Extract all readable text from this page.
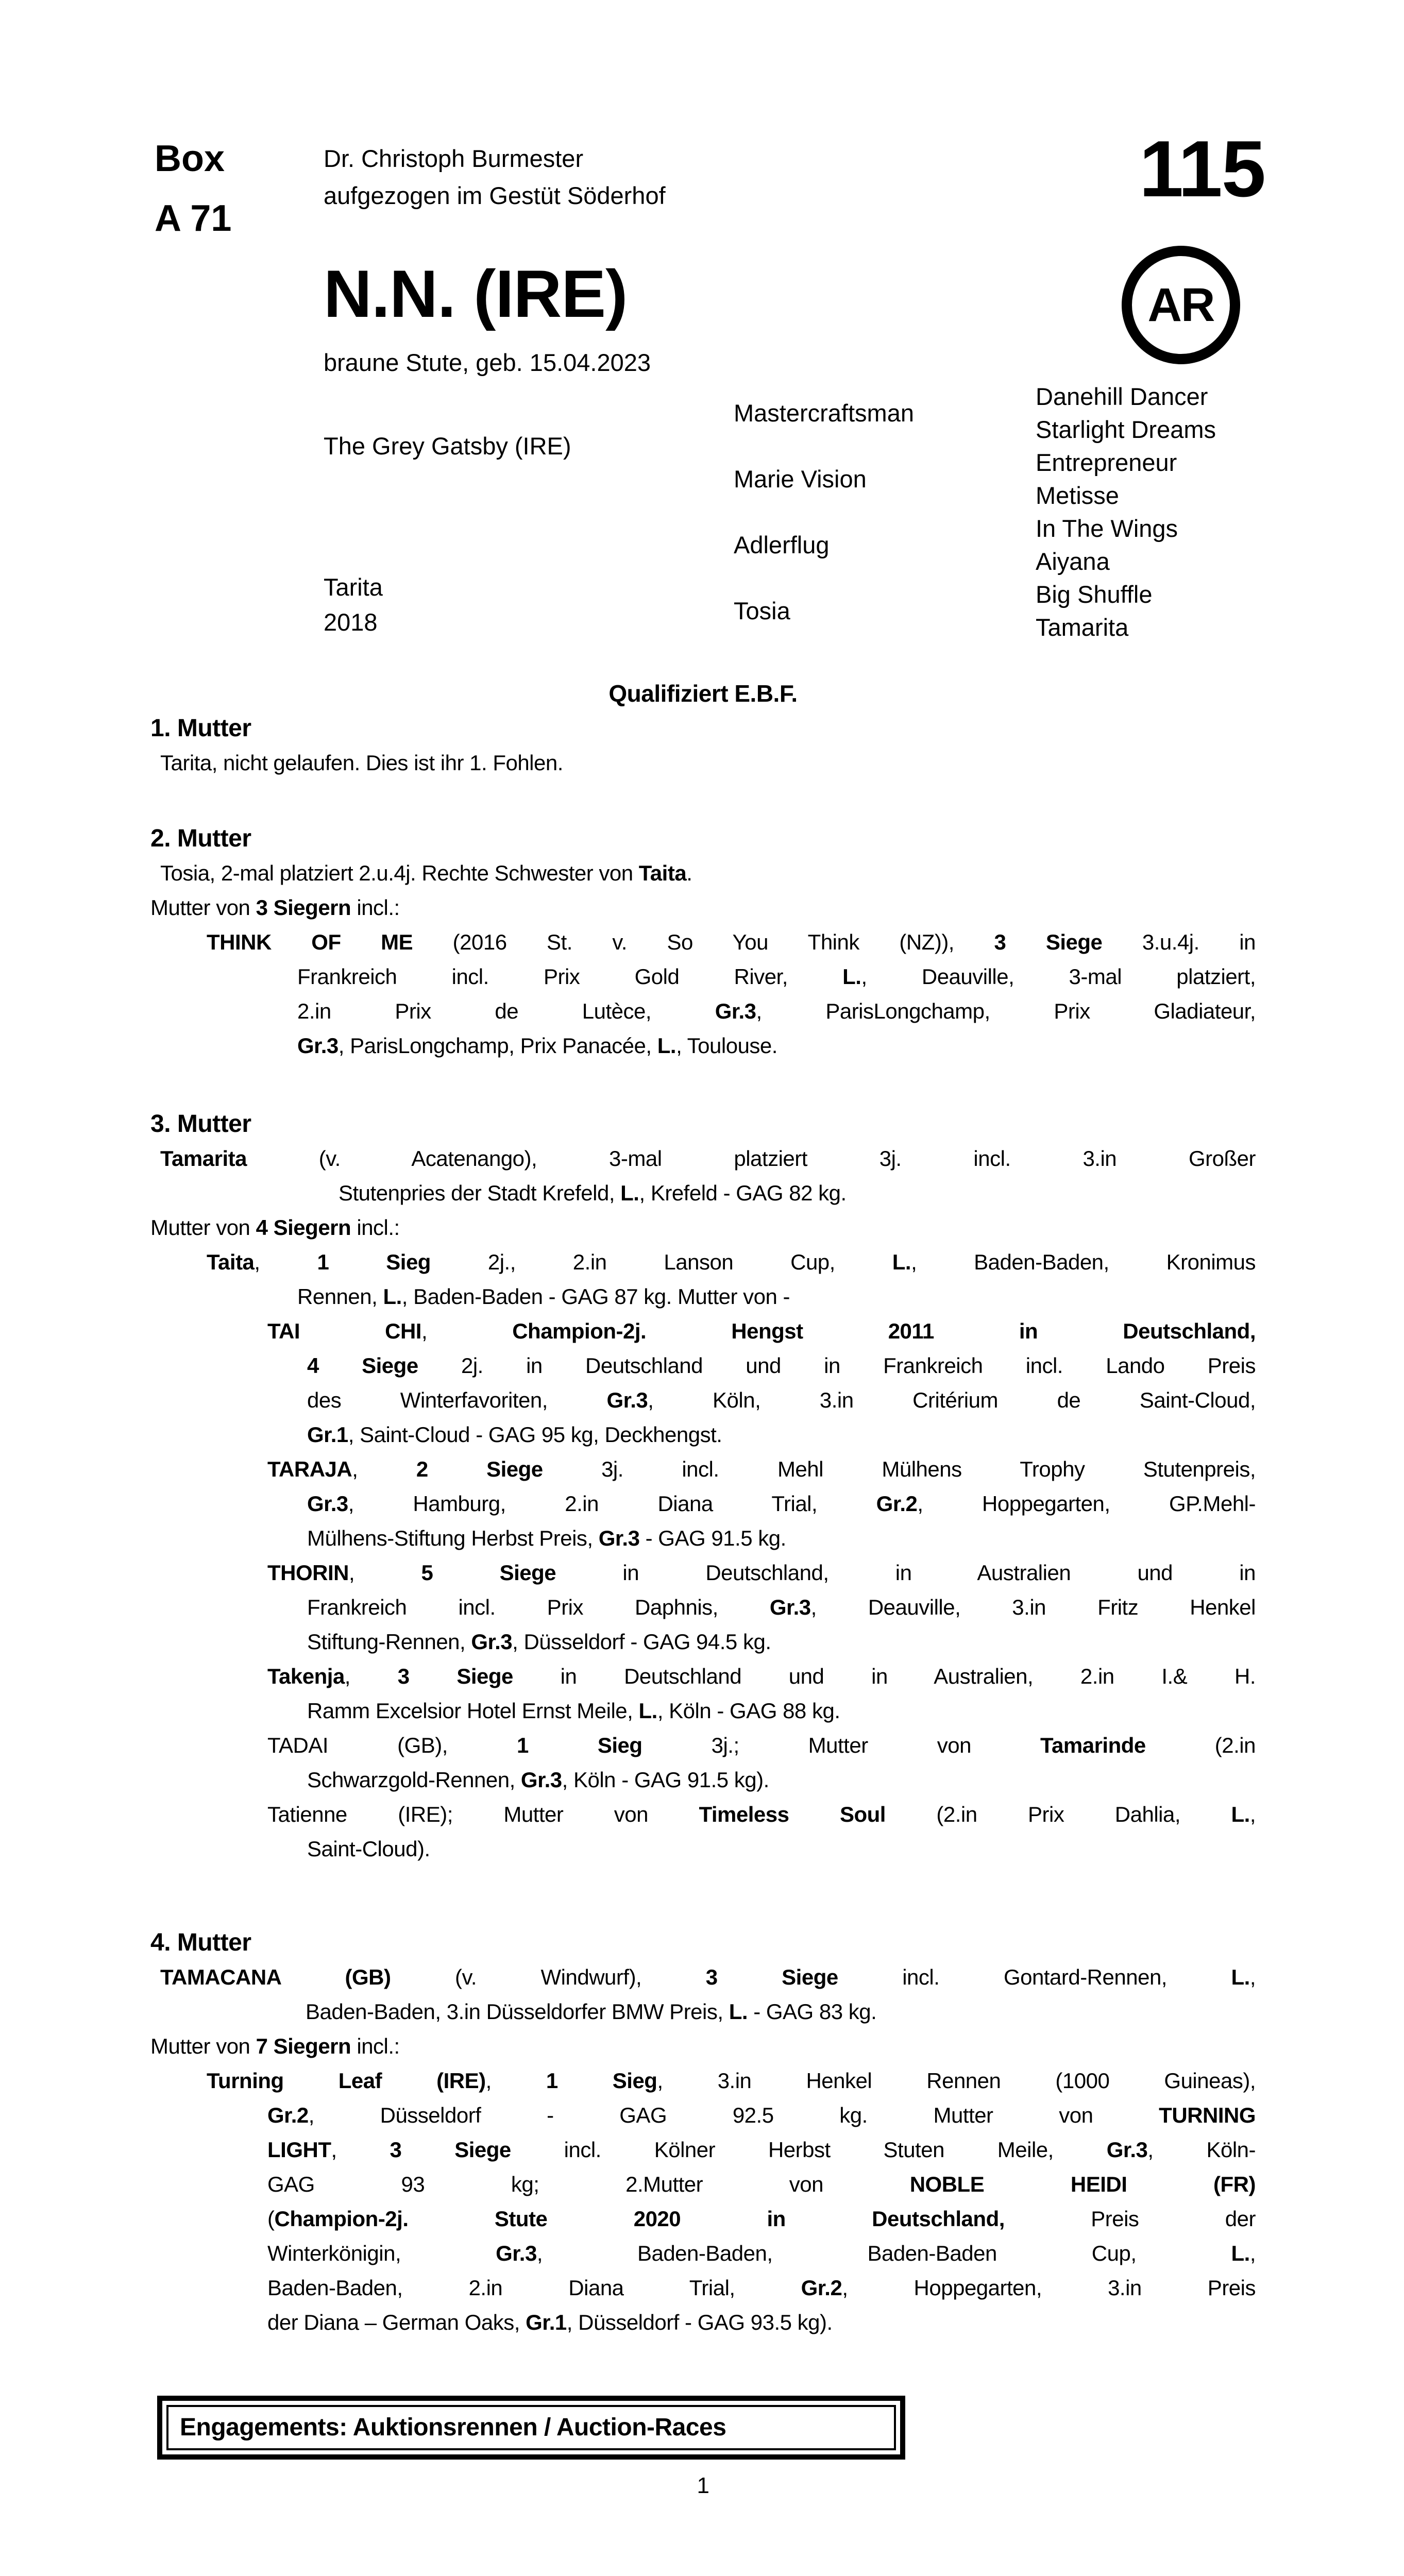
Box
A 71
Dr. Christoph Burmester
aufgezogen im Gestüt Söderhof	115
AR
N.N. (IRE)
braune Stute, geb. 15.04.2023
The Grey Gatsby (IRE)
Tarita
2018
Mastercraftsman
Marie Vision
Adlerflug
Tosia
Danehill Dancer
Starlight Dreams
Entrepreneur
Metisse
In The Wings
Aiyana
Big Shuffle
Tamarita
Qualifiziert E.B.F.
1. Mutter
Tarita, nicht gelaufen. Dies ist ihr 1. Fohlen.
2. Mutter
Tosia, 2-mal platziert 2.u.4j. Rechte Schwester von Taita.
Mutter von 3 Siegern incl.:
THINK OF ME (2016 St. v. So You Think (NZ)), 3 Siege 3.u.4j. in
Frankreich incl. Prix Gold River, L., Deauville, 3-mal platziert,
2.in Prix de Lutèce, Gr.3, ParisLongchamp, Prix Gladiateur,
Gr.3, ParisLongchamp, Prix Panacée, L., Toulouse.
3. Mutter
Tamarita (v. Acatenango), 3-mal platziert 3j. incl. 3.in Großer
Stutenpries der Stadt Krefeld, L., Krefeld - GAG 82 kg.
Mutter von 4 Siegern incl.:
Taita, 1 Sieg 2j., 2.in Lanson Cup, L., Baden-Baden, Kronimus
Rennen, L., Baden-Baden - GAG 87 kg. Mutter von -
TAI CHI, Champion-2j. Hengst 2011 in Deutschland,
4 Siege 2j. in Deutschland und in Frankreich incl. Lando Preis
des Winterfavoriten, Gr.3, Köln, 3.in Critérium de Saint-Cloud,
Gr.1, Saint-Cloud - GAG 95 kg, Deckhengst.
TARAJA, 2 Siege 3j. incl. Mehl Mülhens Trophy Stutenpreis,
Gr.3, Hamburg, 2.in Diana Trial, Gr.2, Hoppegarten, GP.Mehl-
Mülhens-Stiftung Herbst Preis, Gr.3 - GAG 91.5 kg.
THORIN, 5 Siege in Deutschland, in Australien und in
Frankreich incl. Prix Daphnis, Gr.3, Deauville, 3.in Fritz Henkel
Stiftung-Rennen, Gr.3, Düsseldorf - GAG 94.5 kg.
Takenja, 3 Siege in Deutschland und in Australien, 2.in I.& H.
Ramm Excelsior Hotel Ernst Meile, L., Köln - GAG 88 kg.
TADAI (GB), 1 Sieg 3j.; Mutter von Tamarinde (2.in
Schwarzgold-Rennen, Gr.3, Köln - GAG 91.5 kg).
Tatienne (IRE); Mutter von Timeless Soul (2.in Prix Dahlia, L.,
Saint-Cloud).
4. Mutter
TAMACANA (GB) (v. Windwurf), 3 Siege incl. Gontard-Rennen, L.,
Baden-Baden, 3.in Düsseldorfer BMW Preis, L. - GAG 83 kg.
Mutter von 7 Siegern incl.:
Turning Leaf (IRE), 1 Sieg, 3.in Henkel Rennen (1000 Guineas),
Gr.2, Düsseldorf - GAG 92.5 kg. Mutter von TURNING
LIGHT, 3 Siege incl. Kölner Herbst Stuten Meile, Gr.3, Köln-
GAG 93 kg; 2.Mutter von NOBLE HEIDI (FR)
(Champion-2j. Stute 2020 in Deutschland, Preis der
Winterkönigin, Gr.3, Baden-Baden, Baden-Baden Cup, L.,
Baden-Baden, 2.in Diana Trial, Gr.2, Hoppegarten, 3.in Preis
der Diana – German Oaks, Gr.1, Düsseldorf - GAG 93.5 kg).
Engagements: Auktionsrennen / Auction-Races
1
